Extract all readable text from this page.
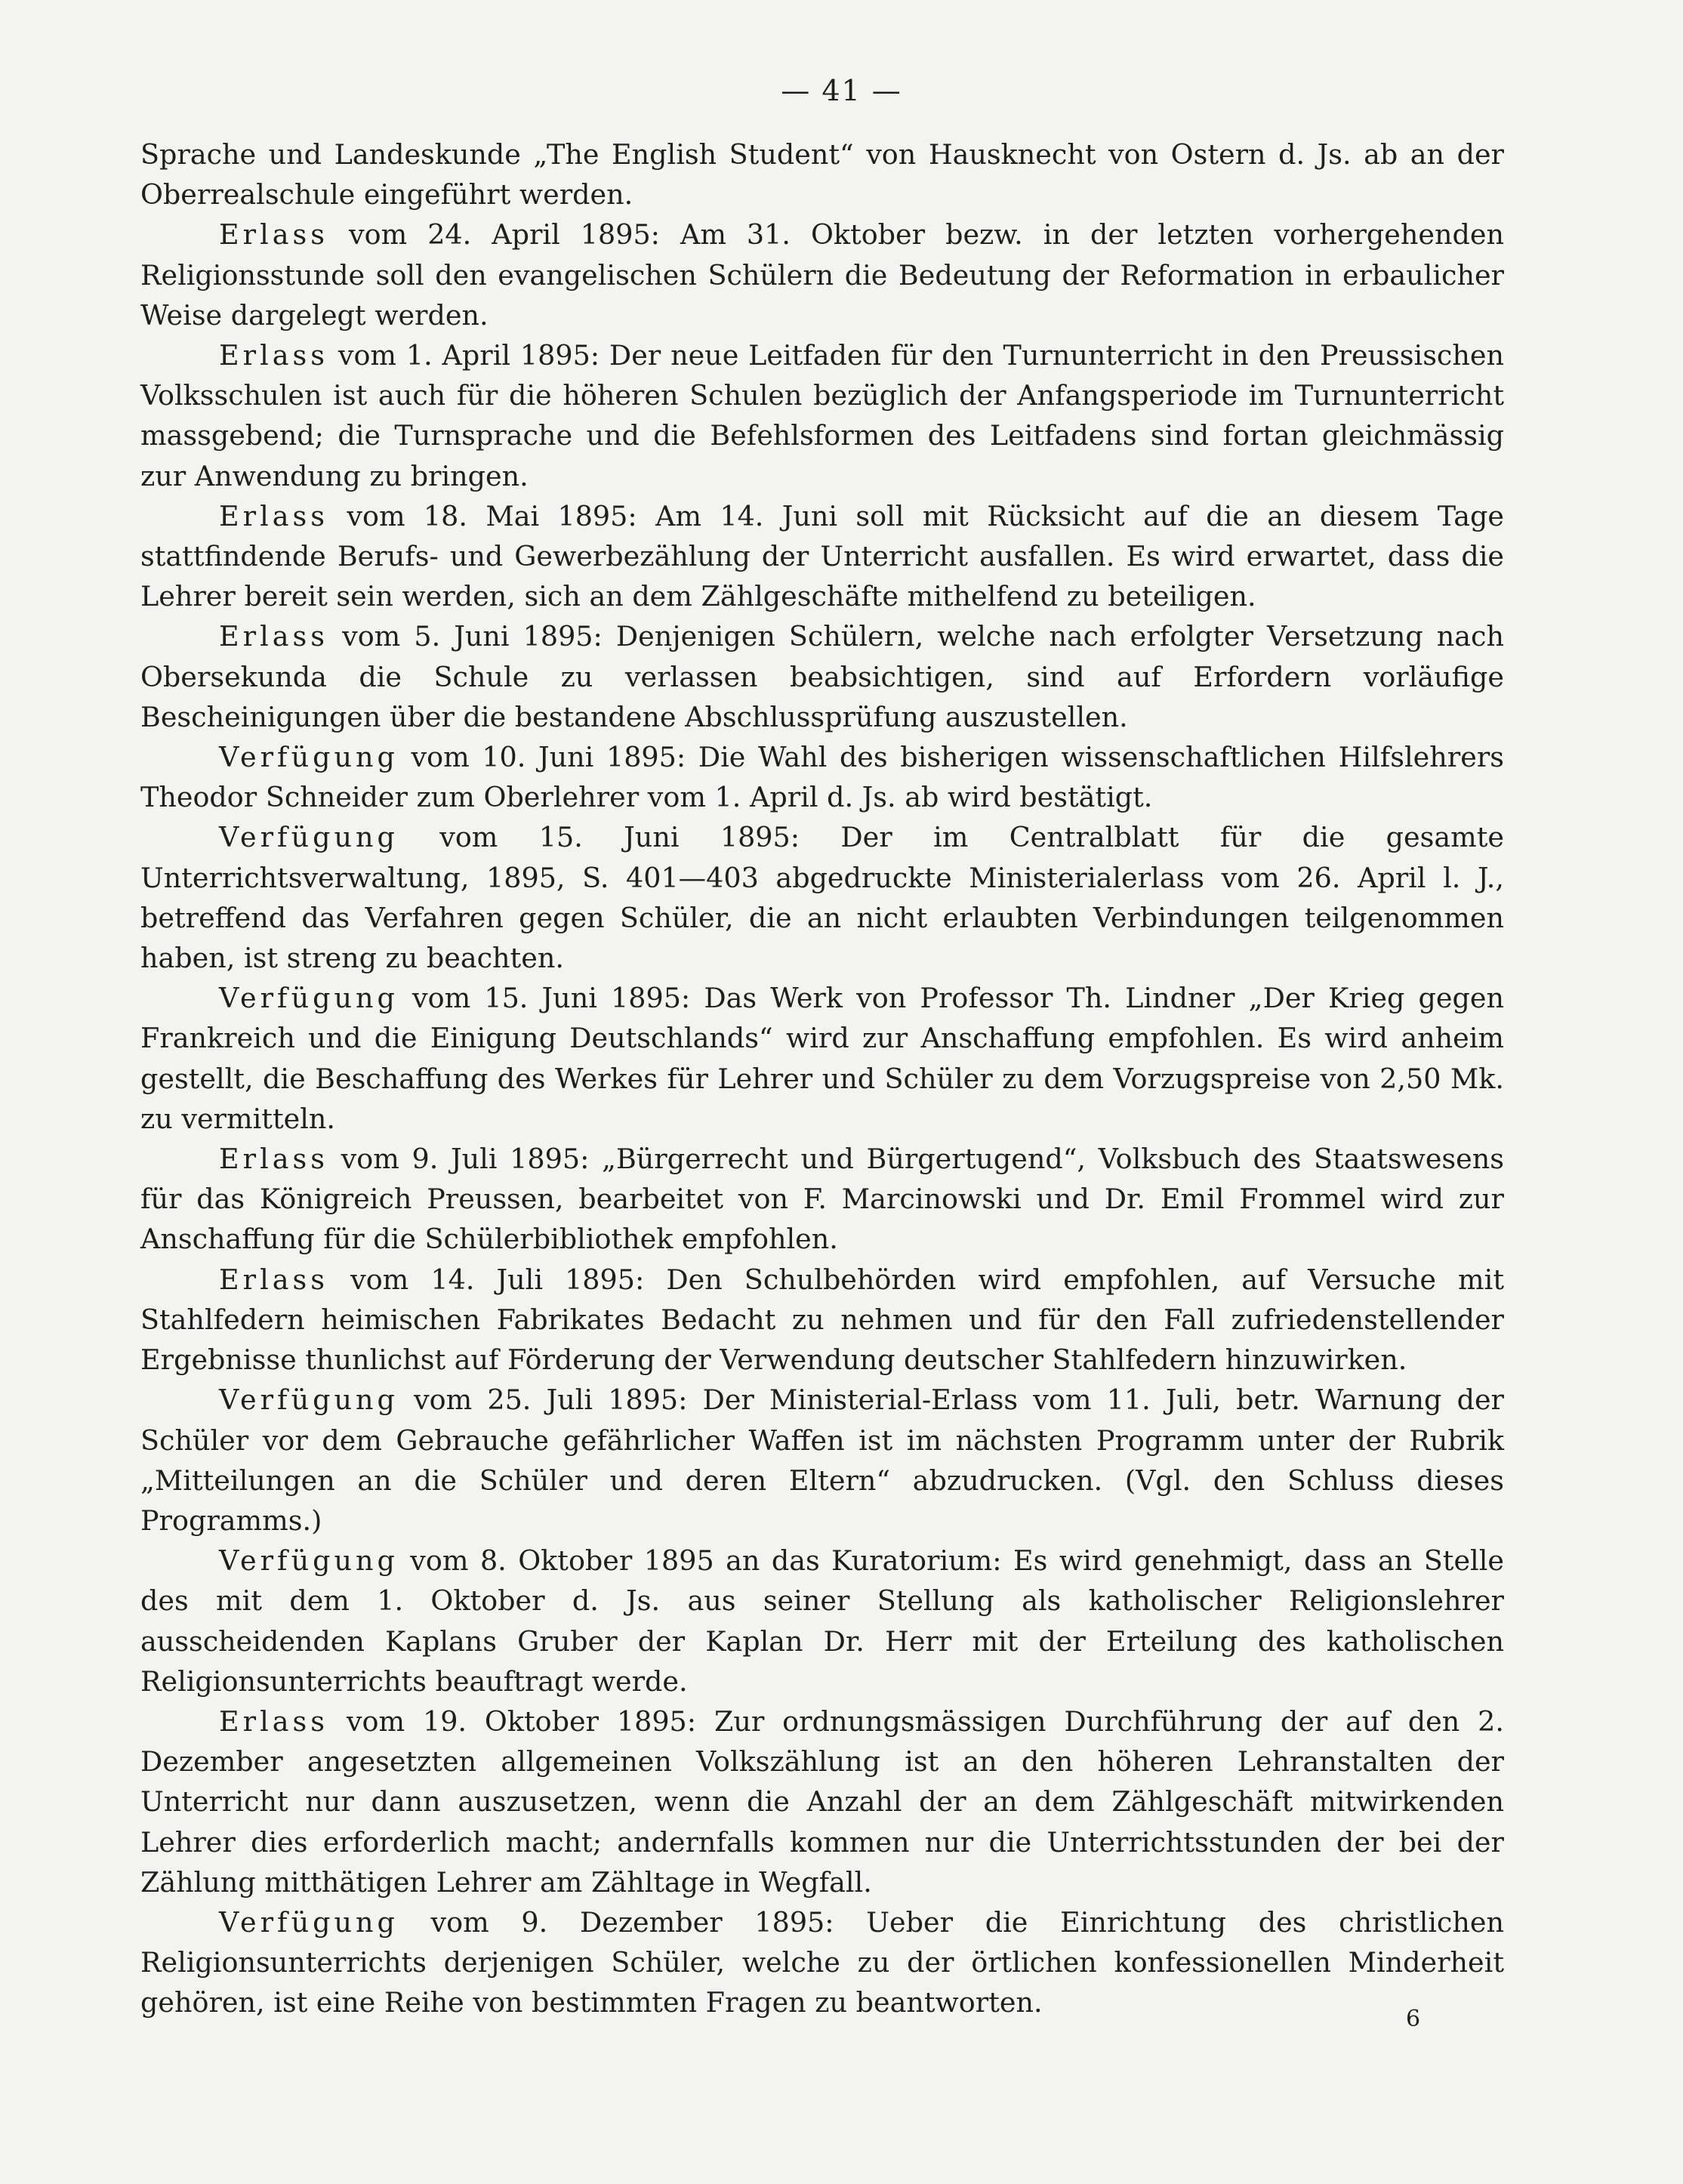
— 41 —

Sprache und Landeskunde „The English Student“ von Hausknecht von Ostern d. Js. ab an der Oberrealschule eingeführt werden.

Erlass vom 24. April 1895: Am 31. Oktober bezw. in der letzten vorhergehenden Religionsstunde soll den evangelischen Schülern die Bedeutung der Reformation in erbaulicher Weise dargelegt werden.

Erlass vom 1. April 1895: Der neue Leitfaden für den Turnunterricht in den Preussischen Volksschulen ist auch für die höheren Schulen bezüglich der Anfangsperiode im Turnunterricht massgebend; die Turnsprache und die Befehlsformen des Leitfadens sind fortan gleichmässig zur Anwendung zu bringen.

Erlass vom 18. Mai 1895: Am 14. Juni soll mit Rücksicht auf die an diesem Tage stattfindende Berufs- und Gewerbezählung der Unterricht ausfallen. Es wird erwartet, dass die Lehrer bereit sein werden, sich an dem Zählgeschäfte mithelfend zu beteiligen.

Erlass vom 5. Juni 1895: Denjenigen Schülern, welche nach erfolgter Versetzung nach Obersekunda die Schule zu verlassen beabsichtigen, sind auf Erfordern vorläufige Bescheinigungen über die bestandene Abschlussprüfung auszustellen.

Verfügung vom 10. Juni 1895: Die Wahl des bisherigen wissenschaftlichen Hilfslehrers Theodor Schneider zum Oberlehrer vom 1. April d. Js. ab wird bestätigt.

Verfügung vom 15. Juni 1895: Der im Centralblatt für die gesamte Unterrichtsverwaltung, 1895, S. 401—403 abgedruckte Ministerialerlass vom 26. April l. J., betreffend das Verfahren gegen Schüler, die an nicht erlaubten Verbindungen teilgenommen haben, ist streng zu beachten.

Verfügung vom 15. Juni 1895: Das Werk von Professor Th. Lindner „Der Krieg gegen Frankreich und die Einigung Deutschlands“ wird zur Anschaffung empfohlen. Es wird anheim gestellt, die Beschaffung des Werkes für Lehrer und Schüler zu dem Vorzugspreise von 2,50 Mk. zu vermitteln.

Erlass vom 9. Juli 1895: „Bürgerrecht und Bürgertugend“, Volksbuch des Staatswesens für das Königreich Preussen, bearbeitet von F. Marcinowski und Dr. Emil Frommel wird zur Anschaffung für die Schülerbibliothek empfohlen.

Erlass vom 14. Juli 1895: Den Schulbehörden wird empfohlen, auf Versuche mit Stahlfedern heimischen Fabrikates Bedacht zu nehmen und für den Fall zufriedenstellender Ergebnisse thunlichst auf Förderung der Verwendung deutscher Stahlfedern hinzuwirken.

Verfügung vom 25. Juli 1895: Der Ministerial-Erlass vom 11. Juli, betr. Warnung der Schüler vor dem Gebrauche gefährlicher Waffen ist im nächsten Programm unter der Rubrik „Mitteilungen an die Schüler und deren Eltern“ abzudrucken. (Vgl. den Schluss dieses Programms.)

Verfügung vom 8. Oktober 1895 an das Kuratorium: Es wird genehmigt, dass an Stelle des mit dem 1. Oktober d. Js. aus seiner Stellung als katholischer Religionslehrer ausscheidenden Kaplans Gruber der Kaplan Dr. Herr mit der Erteilung des katholischen Religionsunterrichts beauftragt werde.

Erlass vom 19. Oktober 1895: Zur ordnungsmässigen Durchführung der auf den 2. Dezember angesetzten allgemeinen Volkszählung ist an den höheren Lehranstalten der Unterricht nur dann auszusetzen, wenn die Anzahl der an dem Zählgeschäft mitwirkenden Lehrer dies erforderlich macht; andernfalls kommen nur die Unterrichtsstunden der bei der Zählung mitthätigen Lehrer am Zähltage in Wegfall.

Verfügung vom 9. Dezember 1895: Ueber die Einrichtung des christlichen Religionsunterrichts derjenigen Schüler, welche zu der örtlichen konfessionellen Minderheit gehören, ist eine Reihe von bestimmten Fragen zu beantworten.

6
